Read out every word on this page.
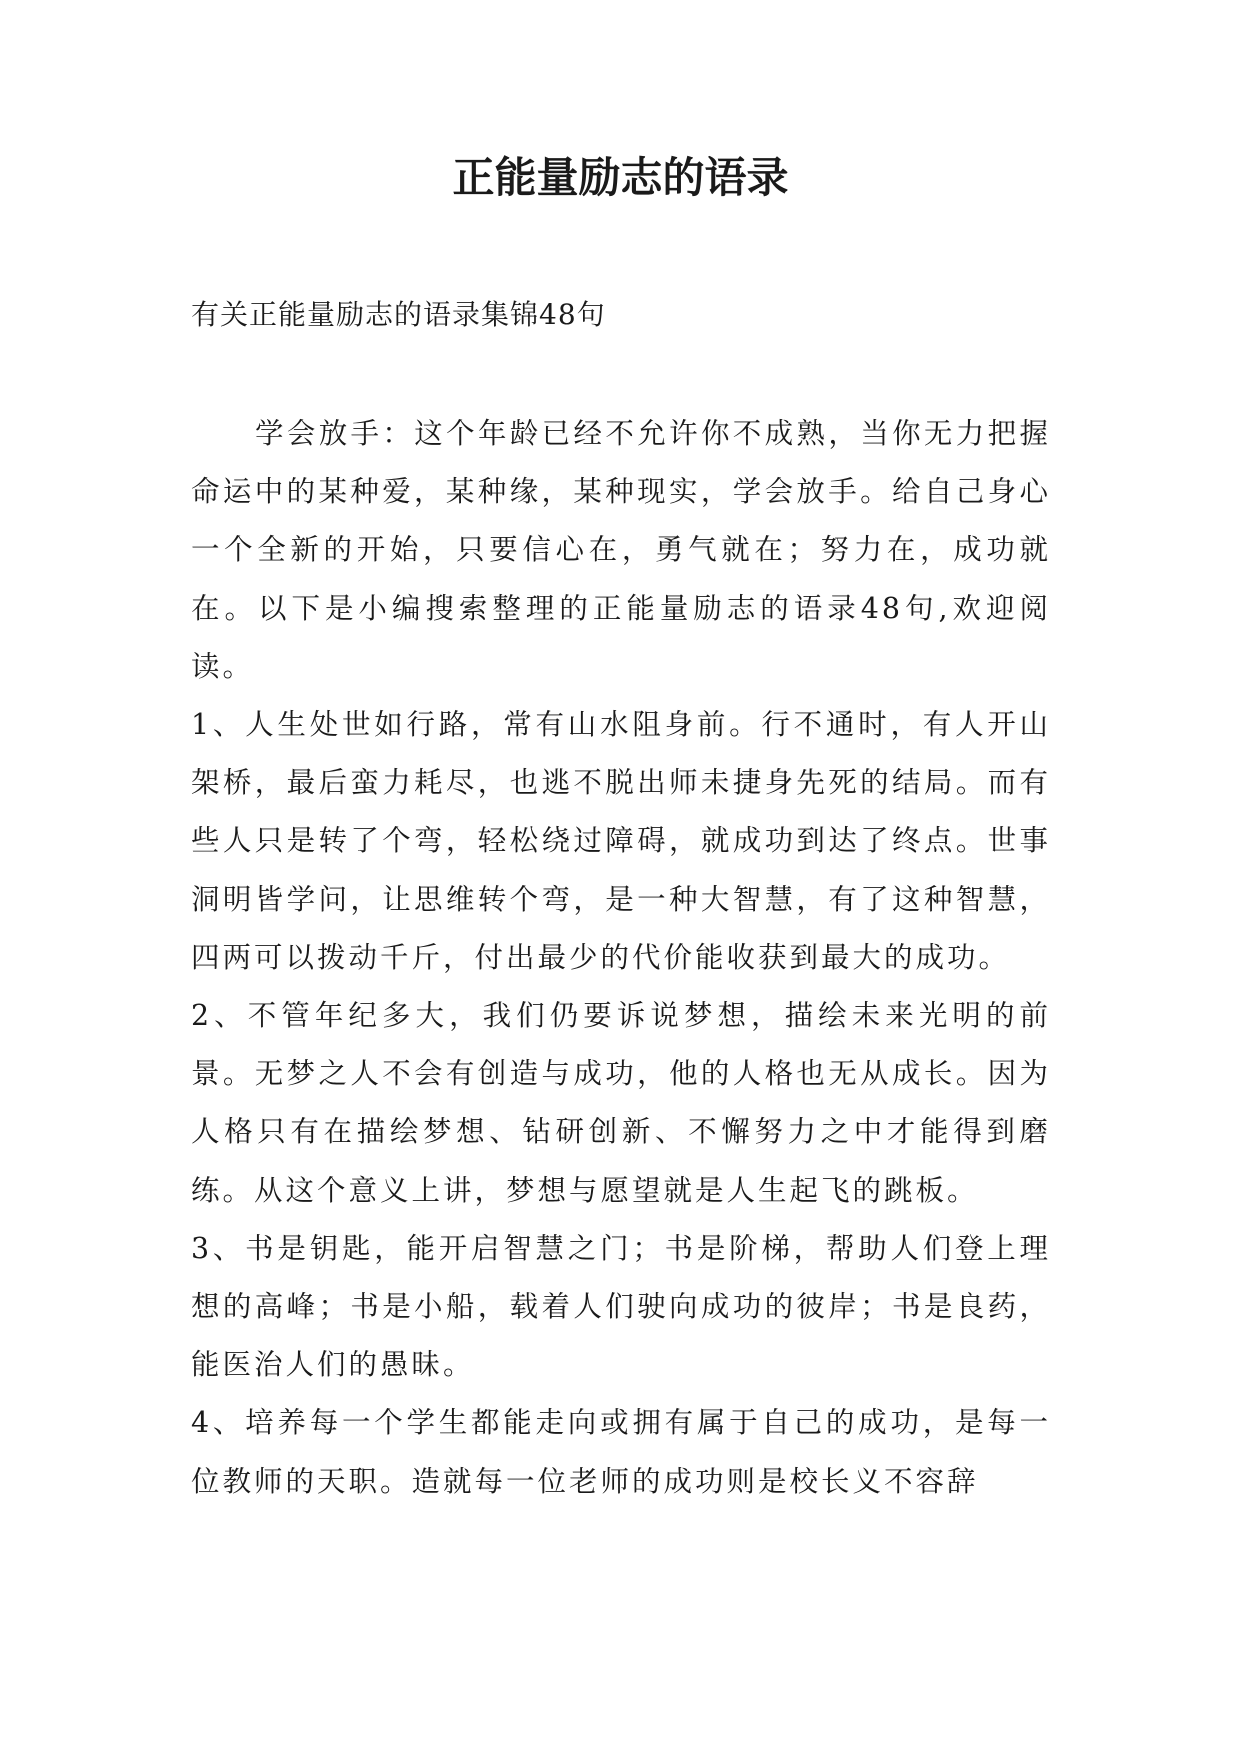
正能量励志的语录

有关正能量励志的语录集锦48句

学会放手：这个年龄已经不允许你不成熟，当你无力把握命运中的某种爱，某种缘，某种现实，学会放手。给自己身心一个全新的开始，只要信心在，勇气就在；努力在，成功就在。以下是小编搜索整理的正能量励志的语录48句,欢迎阅读。

1、人生处世如行路，常有山水阻身前。行不通时，有人开山架桥，最后蛮力耗尽，也逃不脱出师未捷身先死的结局。而有些人只是转了个弯，轻松绕过障碍，就成功到达了终点。世事洞明皆学问，让思维转个弯，是一种大智慧，有了这种智慧，四两可以拨动千斤，付出最少的代价能收获到最大的成功。

2、不管年纪多大，我们仍要诉说梦想，描绘未来光明的前景。无梦之人不会有创造与成功，他的人格也无从成长。因为人格只有在描绘梦想、钻研创新、不懈努力之中才能得到磨练。从这个意义上讲，梦想与愿望就是人生起飞的跳板。

3、书是钥匙，能开启智慧之门；书是阶梯，帮助人们登上理想的高峰；书是小船，载着人们驶向成功的彼岸；书是良药，能医治人们的愚昧。

4、培养每一个学生都能走向或拥有属于自己的成功，是每一位教师的天职。造就每一位老师的成功则是校长义不容辞
